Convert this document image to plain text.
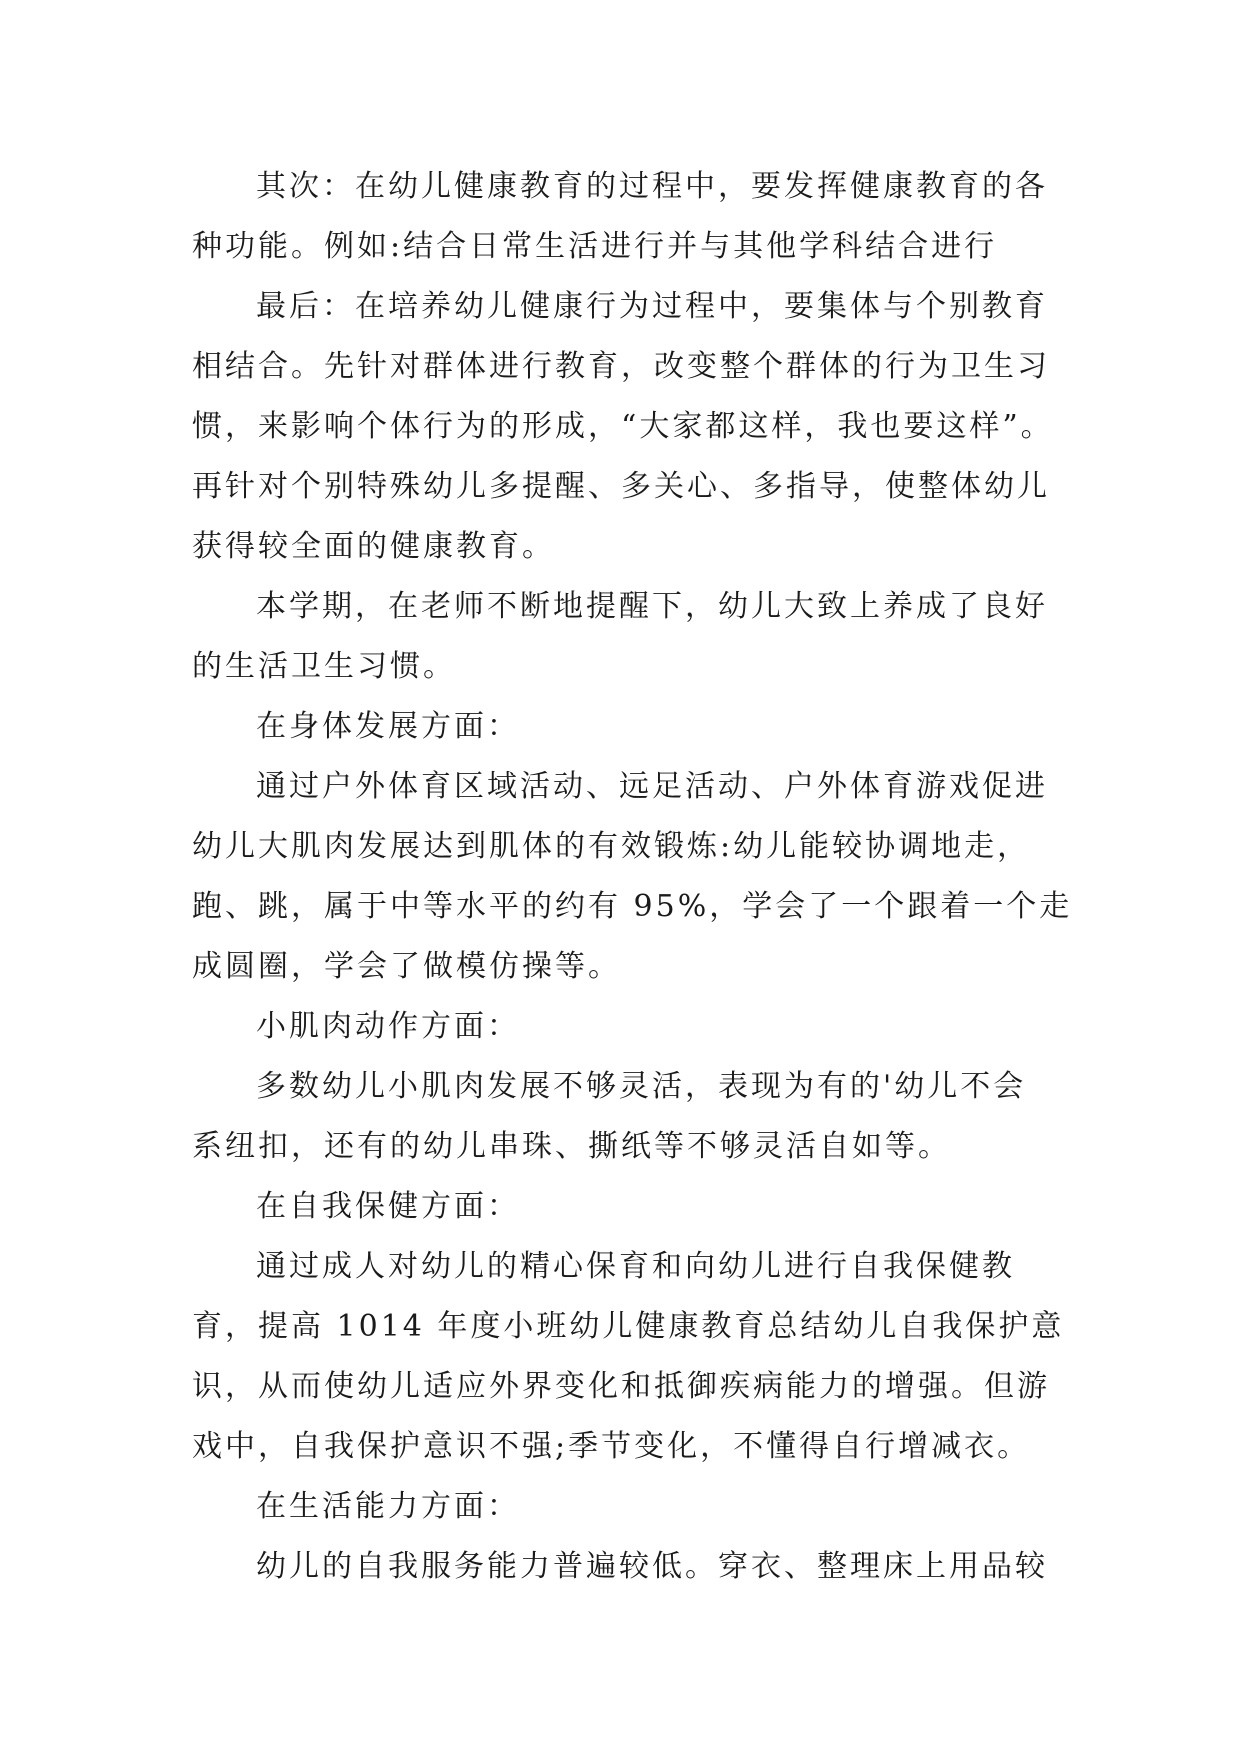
其次：在幼儿健康教育的过程中，要发挥健康教育的各
种功能。例如:结合日常生活进行并与其他学科结合进行
最后：在培养幼儿健康行为过程中，要集体与个别教育
相结合。先针对群体进行教育，改变整个群体的行为卫生习
惯，来影响个体行为的形成，“大家都这样，我也要这样”。
再针对个别特殊幼儿多提醒、多关心、多指导，使整体幼儿
获得较全面的健康教育。
本学期，在老师不断地提醒下，幼儿大致上养成了良好
的生活卫生习惯。
在身体发展方面：
通过户外体育区域活动、远足活动、户外体育游戏促进
幼儿大肌肉发展达到肌体的有效锻炼:幼儿能较协调地走，
跑、跳，属于中等水平的约有 95%，学会了一个跟着一个走
成圆圈，学会了做模仿操等。
小肌肉动作方面：
多数幼儿小肌肉发展不够灵活，表现为有的'幼儿不会
系纽扣，还有的幼儿串珠、撕纸等不够灵活自如等。
在自我保健方面：
通过成人对幼儿的精心保育和向幼儿进行自我保健教
育，提高 1014 年度小班幼儿健康教育总结幼儿自我保护意
识，从而使幼儿适应外界变化和抵御疾病能力的增强。但游
戏中，自我保护意识不强;季节变化，不懂得自行增减衣。
在生活能力方面：
幼儿的自我服务能力普遍较低。穿衣、整理床上用品较
